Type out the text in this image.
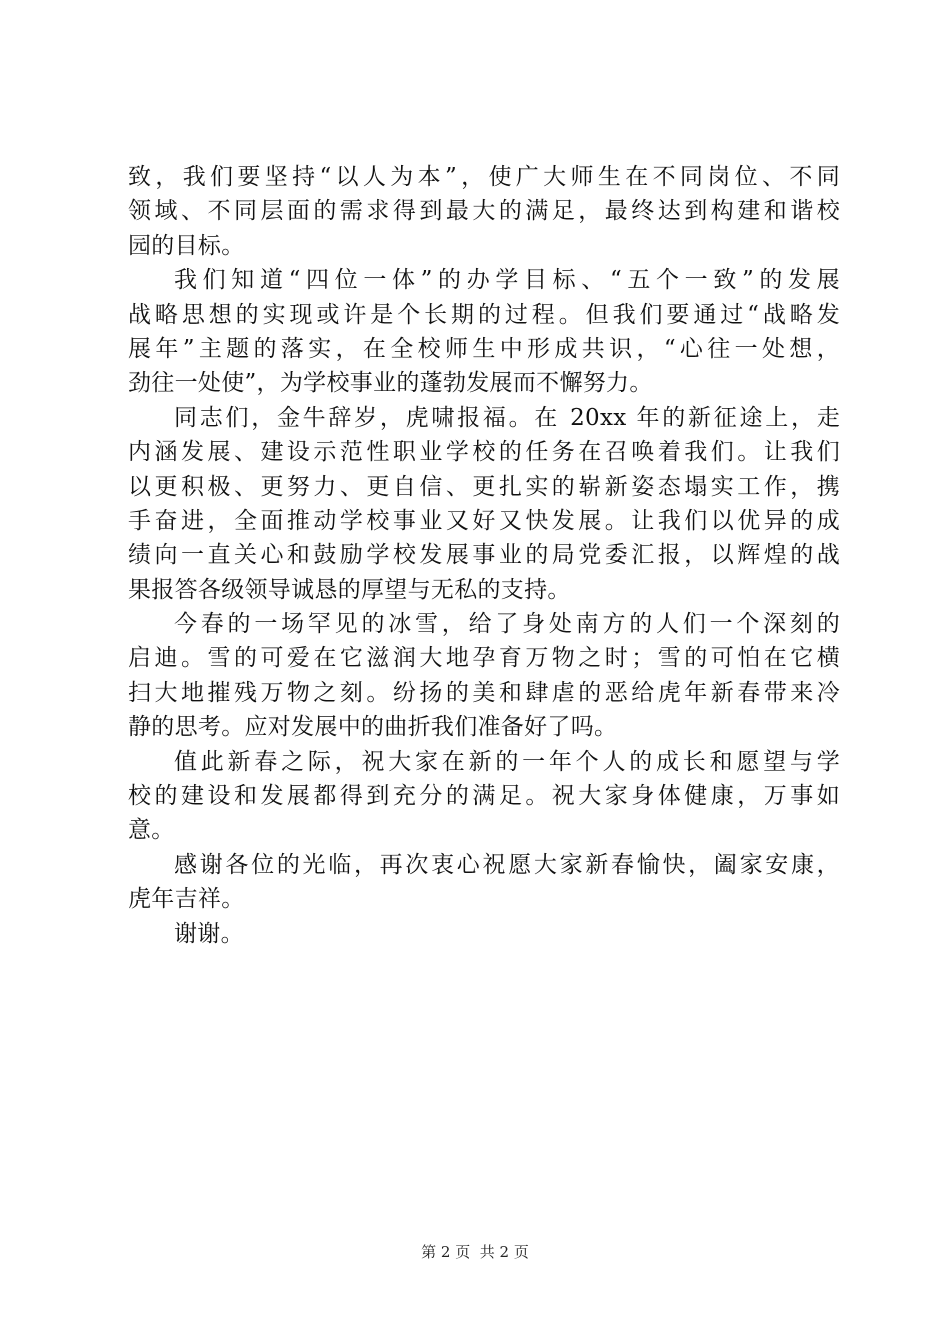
致，我们要坚持“以人为本”，使广大师生在不同岗位、不同
领域、不同层面的需求得到最大的满足，最终达到构建和谐校
园的目标。
我们知道“四位一体”的办学目标、“五个一致”的发展
战略思想的实现或许是个长期的过程。但我们要通过“战略发
展年”主题的落实，在全校师生中形成共识，“心往一处想，
劲往一处使”，为学校事业的蓬勃发展而不懈努力。
同志们，金牛辞岁，虎啸报福。在 20xx 年的新征途上，走
内涵发展、建设示范性职业学校的任务在召唤着我们。让我们
以更积极、更努力、更自信、更扎实的崭新姿态塌实工作，携
手奋进，全面推动学校事业又好又快发展。让我们以优异的成
绩向一直关心和鼓励学校发展事业的局党委汇报，以辉煌的战
果报答各级领导诚恳的厚望与无私的支持。
今春的一场罕见的冰雪，给了身处南方的人们一个深刻的
启迪。雪的可爱在它滋润大地孕育万物之时；雪的可怕在它横
扫大地摧残万物之刻。纷扬的美和肆虐的恶给虎年新春带来冷
静的思考。应对发展中的曲折我们准备好了吗。
值此新春之际，祝大家在新的一年个人的成长和愿望与学
校的建设和发展都得到充分的满足。祝大家身体健康，万事如
意。
感谢各位的光临，再次衷心祝愿大家新春愉快，阖家安康，
虎年吉祥。
谢谢。
第 2 页  共 2 页
